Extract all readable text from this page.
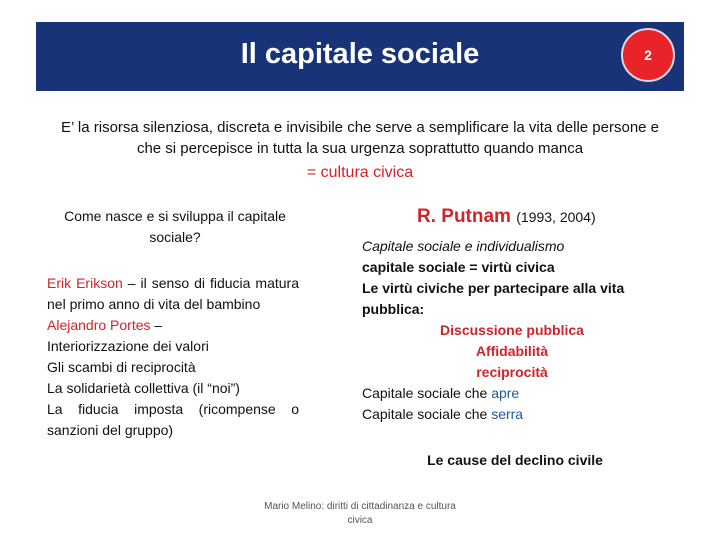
Il capitale sociale	2
E’ la risorsa silenziosa, discreta e invisibile che serve a semplificare la vita delle persone e che si percepisce in tutta la sua urgenza soprattutto quando manca
= cultura civica
Come nasce e si sviluppa il capitale sociale?
Erik Erikson – il senso di fiducia matura nel primo anno di vita del bambino
Alejandro Portes –
Interiorizzazione dei valori
Gli scambi di reciprocità
La solidarietà collettiva (il “noi”)
La fiducia imposta (ricompense o sanzioni del gruppo)
R. Putnam (1993, 2004)
Capitale sociale e individualismo
capitale sociale = virtù civica
Le virtù civiche per partecipare alla vita pubblica:
Discussione pubblica
Affidabilità
reciprocità
Capitale sociale che apre
Capitale sociale che serra
Le cause del declino civile
Mario Melino: diritti di cittadinanza e cultura civica
